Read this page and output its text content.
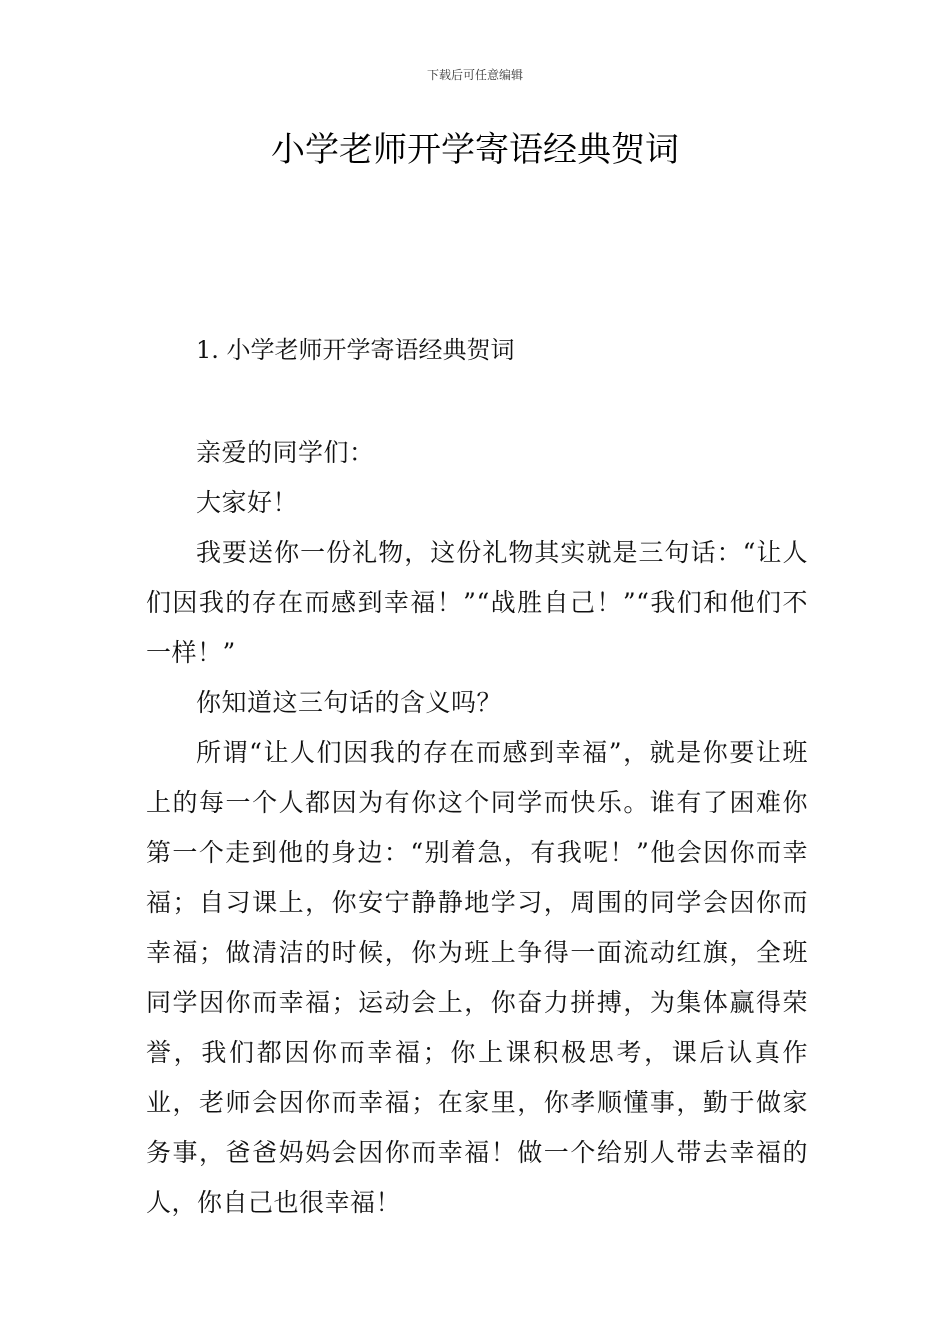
下载后可任意编辑
小学老师开学寄语经典贺词
1. 小学老师开学寄语经典贺词

亲爱的同学们：

大家好！

我要送你一份礼物，这份礼物其实就是三句话：“让人们因我的存在而感到幸福！”“战胜自己！”“我们和他们不一样！”

你知道这三句话的含义吗？

所谓“让人们因我的存在而感到幸福”，就是你要让班上的每一个人都因为有你这个同学而快乐。谁有了困难你第一个走到他的身边：“别着急，有我呢！”他会因你而幸福；自习课上，你安宁静静地学习，周围的同学会因你而幸福；做清洁的时候，你为班上争得一面流动红旗，全班同学因你而幸福；运动会上，你奋力拼搏，为集体赢得荣誉，我们都因你而幸福；你上课积极思考，课后认真作业，老师会因你而幸福；在家里，你孝顺懂事，勤于做家务事，爸爸妈妈会因你而幸福！做一个给别人带去幸福的人，你自己也很幸福！
